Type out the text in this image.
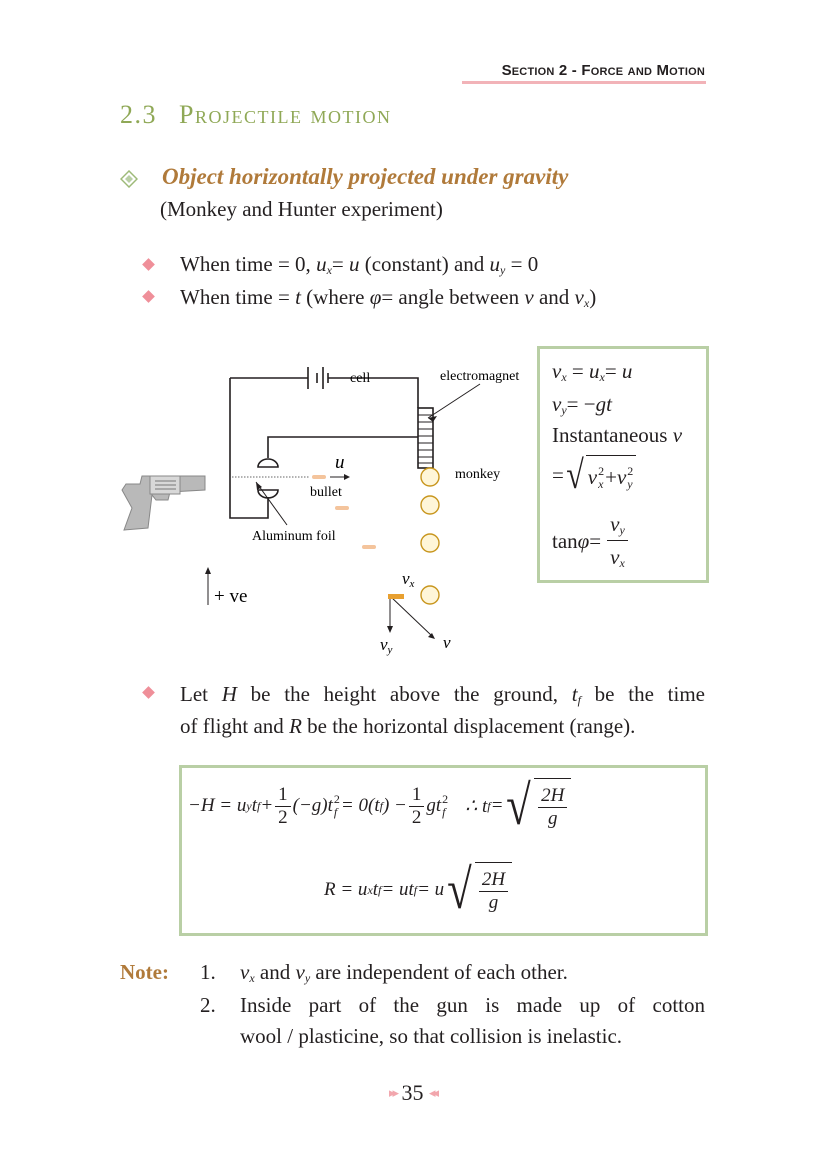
Section 2 - Force and Motion
2.3 Projectile motion
Object horizontally projected under gravity
(Monkey and Hunter experiment)
When time = 0, $u_x= u$ (constant) and $u_y = 0$
When time = t (where φ= angle between v and $v_x$)
cell	electromagnet
monkey
bullet
Aluminum foil
u
+ ve
vx
vy	v
$v_x = u_x= u$
$v_y= -gt$
Instantaneous v
= √ v 2
x + v 2
y
$\tan \varphi = \frac{v_y}{v_x}$
Let H be the height above the ground, $t_f$ be the time
of flight and R be the horizontal displacement (range).
−H = u y t $f + \frac{1}{2} (-g)t$ 2
f = 0(t f ) − $\frac{1}{2}$ gt 2
f ∴ t f = √ $\frac{2H}{g}$
R = u x t f = ut f = u √ $\frac{2H}{g}$
Note: 1. $v_x$ and $v_y$ are independent of each other.
2. Inside part of the gun is made up of cotton
wool / plasticine, so that collision is inelastic.
▸▸ 35 ◂◂
